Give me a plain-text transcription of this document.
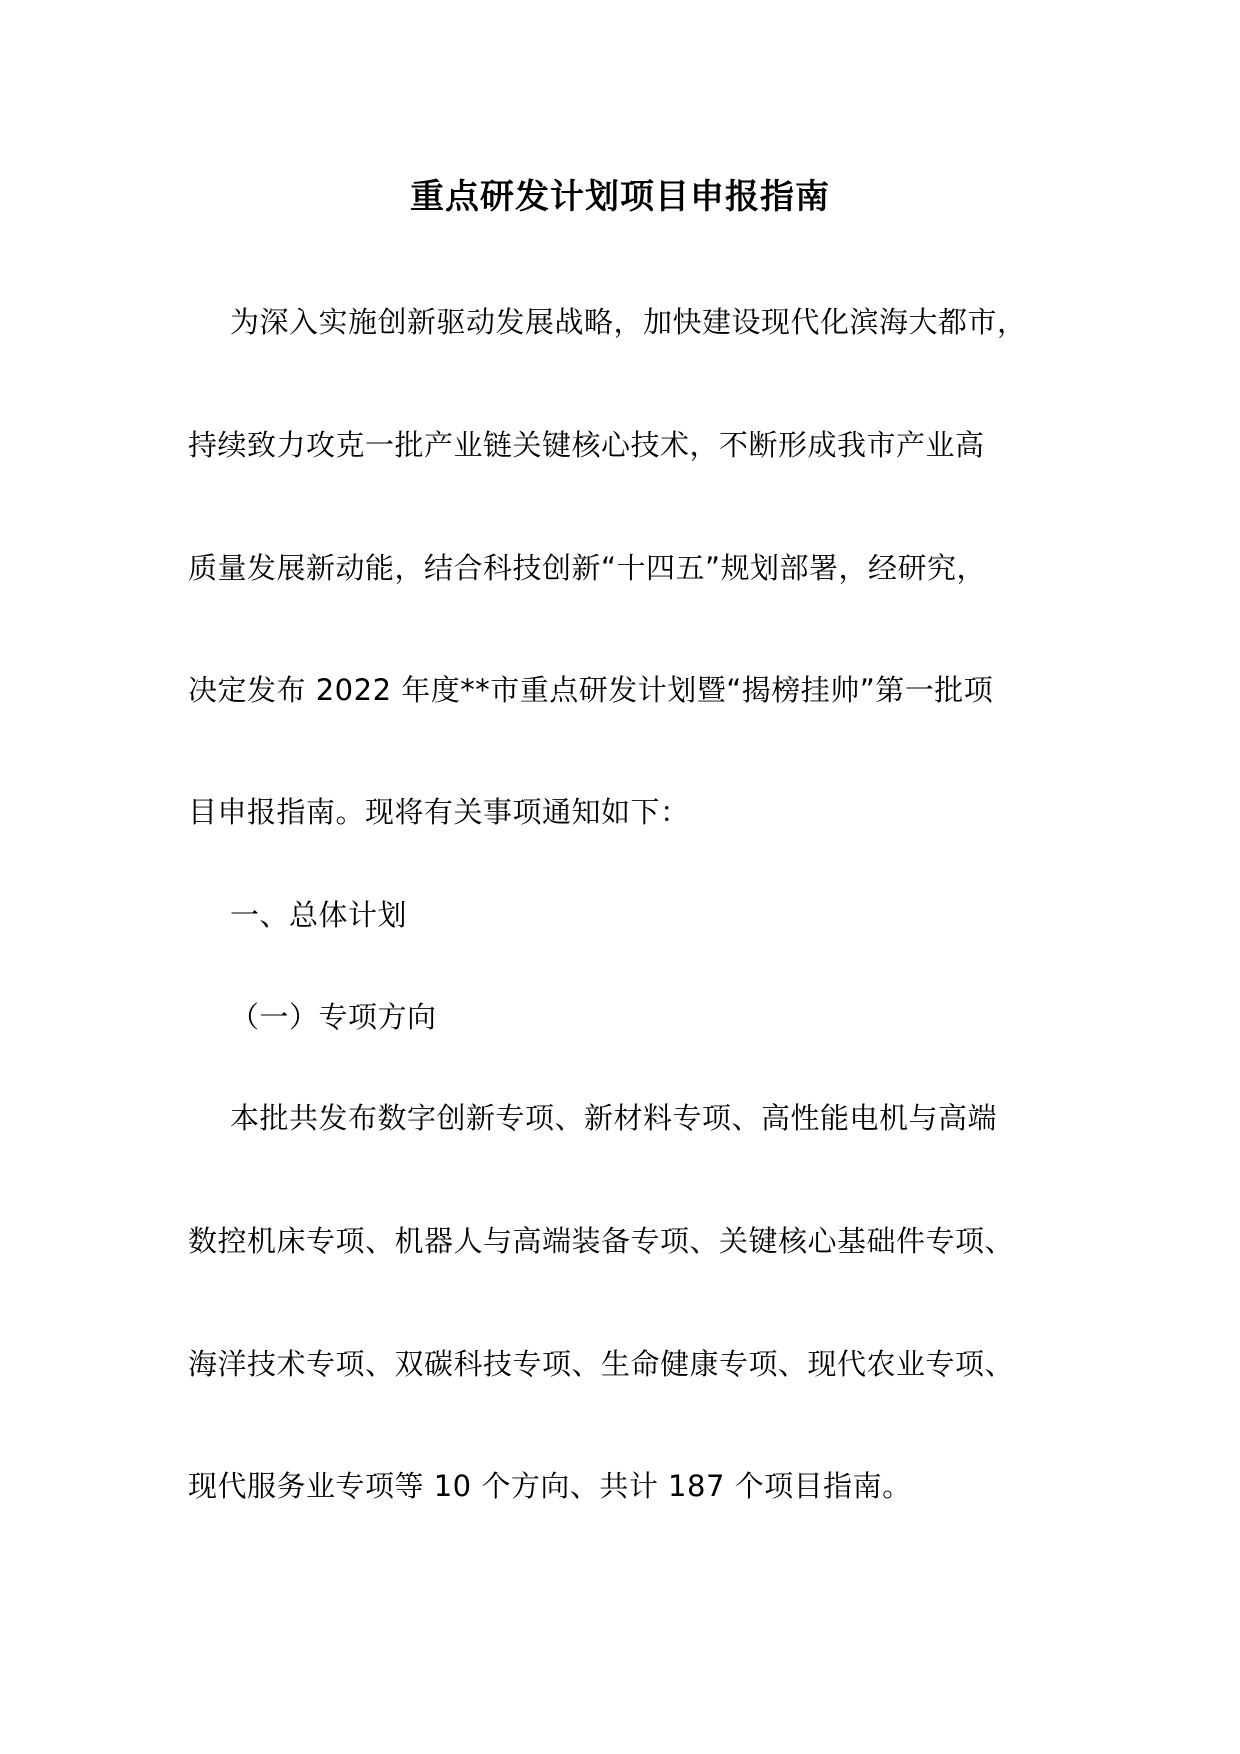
重点研发计划项目申报指南
为深入实施创新驱动发展战略，加快建设现代化滨海大都市，
持续致力攻克一批产业链关键核心技术，不断形成我市产业高
质量发展新动能，结合科技创新“十四五”规划部署，经研究，
决定发布 2022 年度**市重点研发计划暨“揭榜挂帅”第一批项
目申报指南。现将有关事项通知如下：
一、总体计划
（一）专项方向
本批共发布数字创新专项、新材料专项、高性能电机与高端
数控机床专项、机器人与高端装备专项、关键核心基础件专项、
海洋技术专项、双碳科技专项、生命健康专项、现代农业专项、
现代服务业专项等 10 个方向、共计 187 个项目指南。
